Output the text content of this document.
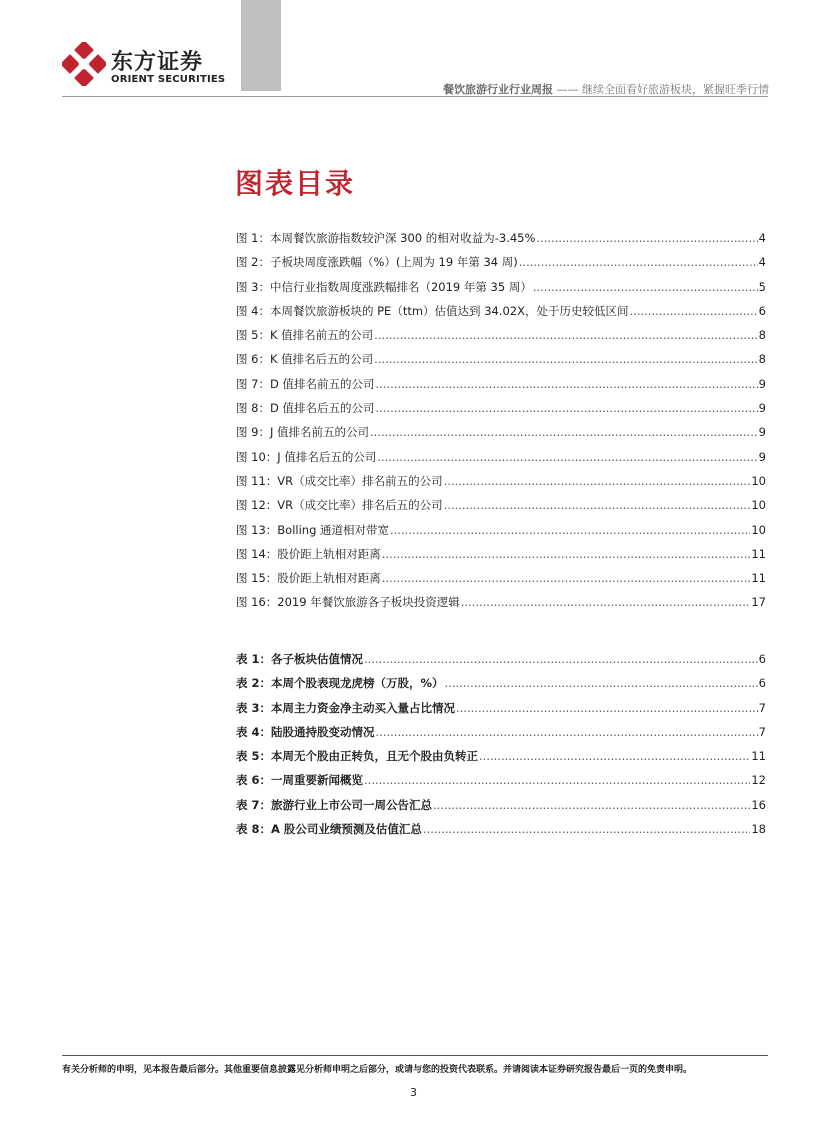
东方证券
ORIENT SECURITIES
餐饮旅游行业行业周报 —— 继续全面看好旅游板块，紧握旺季行情
图表目录
图 1：本周餐饮旅游指数较沪深 300 的相对收益为-3.45% .....	4
图 2：子板块周度涨跌幅（%）(上周为 19 年第 34 周) .....	4
图 3：中信行业指数周度涨跌幅排名（2019 年第 35 周） .....	5
图 4：本周餐饮旅游板块的 PE（ttm）估值达到 34.02X，处于历史较低区间 .....	6
图 5：K 值排名前五的公司 .....	8
图 6：K 值排名后五的公司 .....	8
图 7：D 值排名前五的公司 .....	9
图 8：D 值排名后五的公司 .....	9
图 9：J 值排名前五的公司 .....	9
图 10：J 值排名后五的公司 .....	9
图 11：VR（成交比率）排名前五的公司 .....	10
图 12：VR（成交比率）排名后五的公司 .....	10
图 13：Bolling 通道相对带宽 .....	10
图 14：股价距上轨相对距离 .....	11
图 15：股价距上轨相对距离 .....	11
图 16：2019 年餐饮旅游各子板块投资逻辑 .....	17
表 1：各子板块估值情况 .....	6
表 2：本周个股表现龙虎榜（万股，%） .....	6
表 3：本周主力资金净主动买入量占比情况 .....	7
表 4：陆股通持股变动情况 .....	7
表 5：本周无个股由正转负，且无个股由负转正 .....	11
表 6：一周重要新闻概览 .....	12
表 7：旅游行业上市公司一周公告汇总 .....	16
表 8：A 股公司业绩预测及估值汇总 .....	18
有关分析师的申明，见本报告最后部分。其他重要信息披露见分析师申明之后部分，或请与您的投资代表联系。并请阅读本证券研究报告最后一页的免责申明。
3
